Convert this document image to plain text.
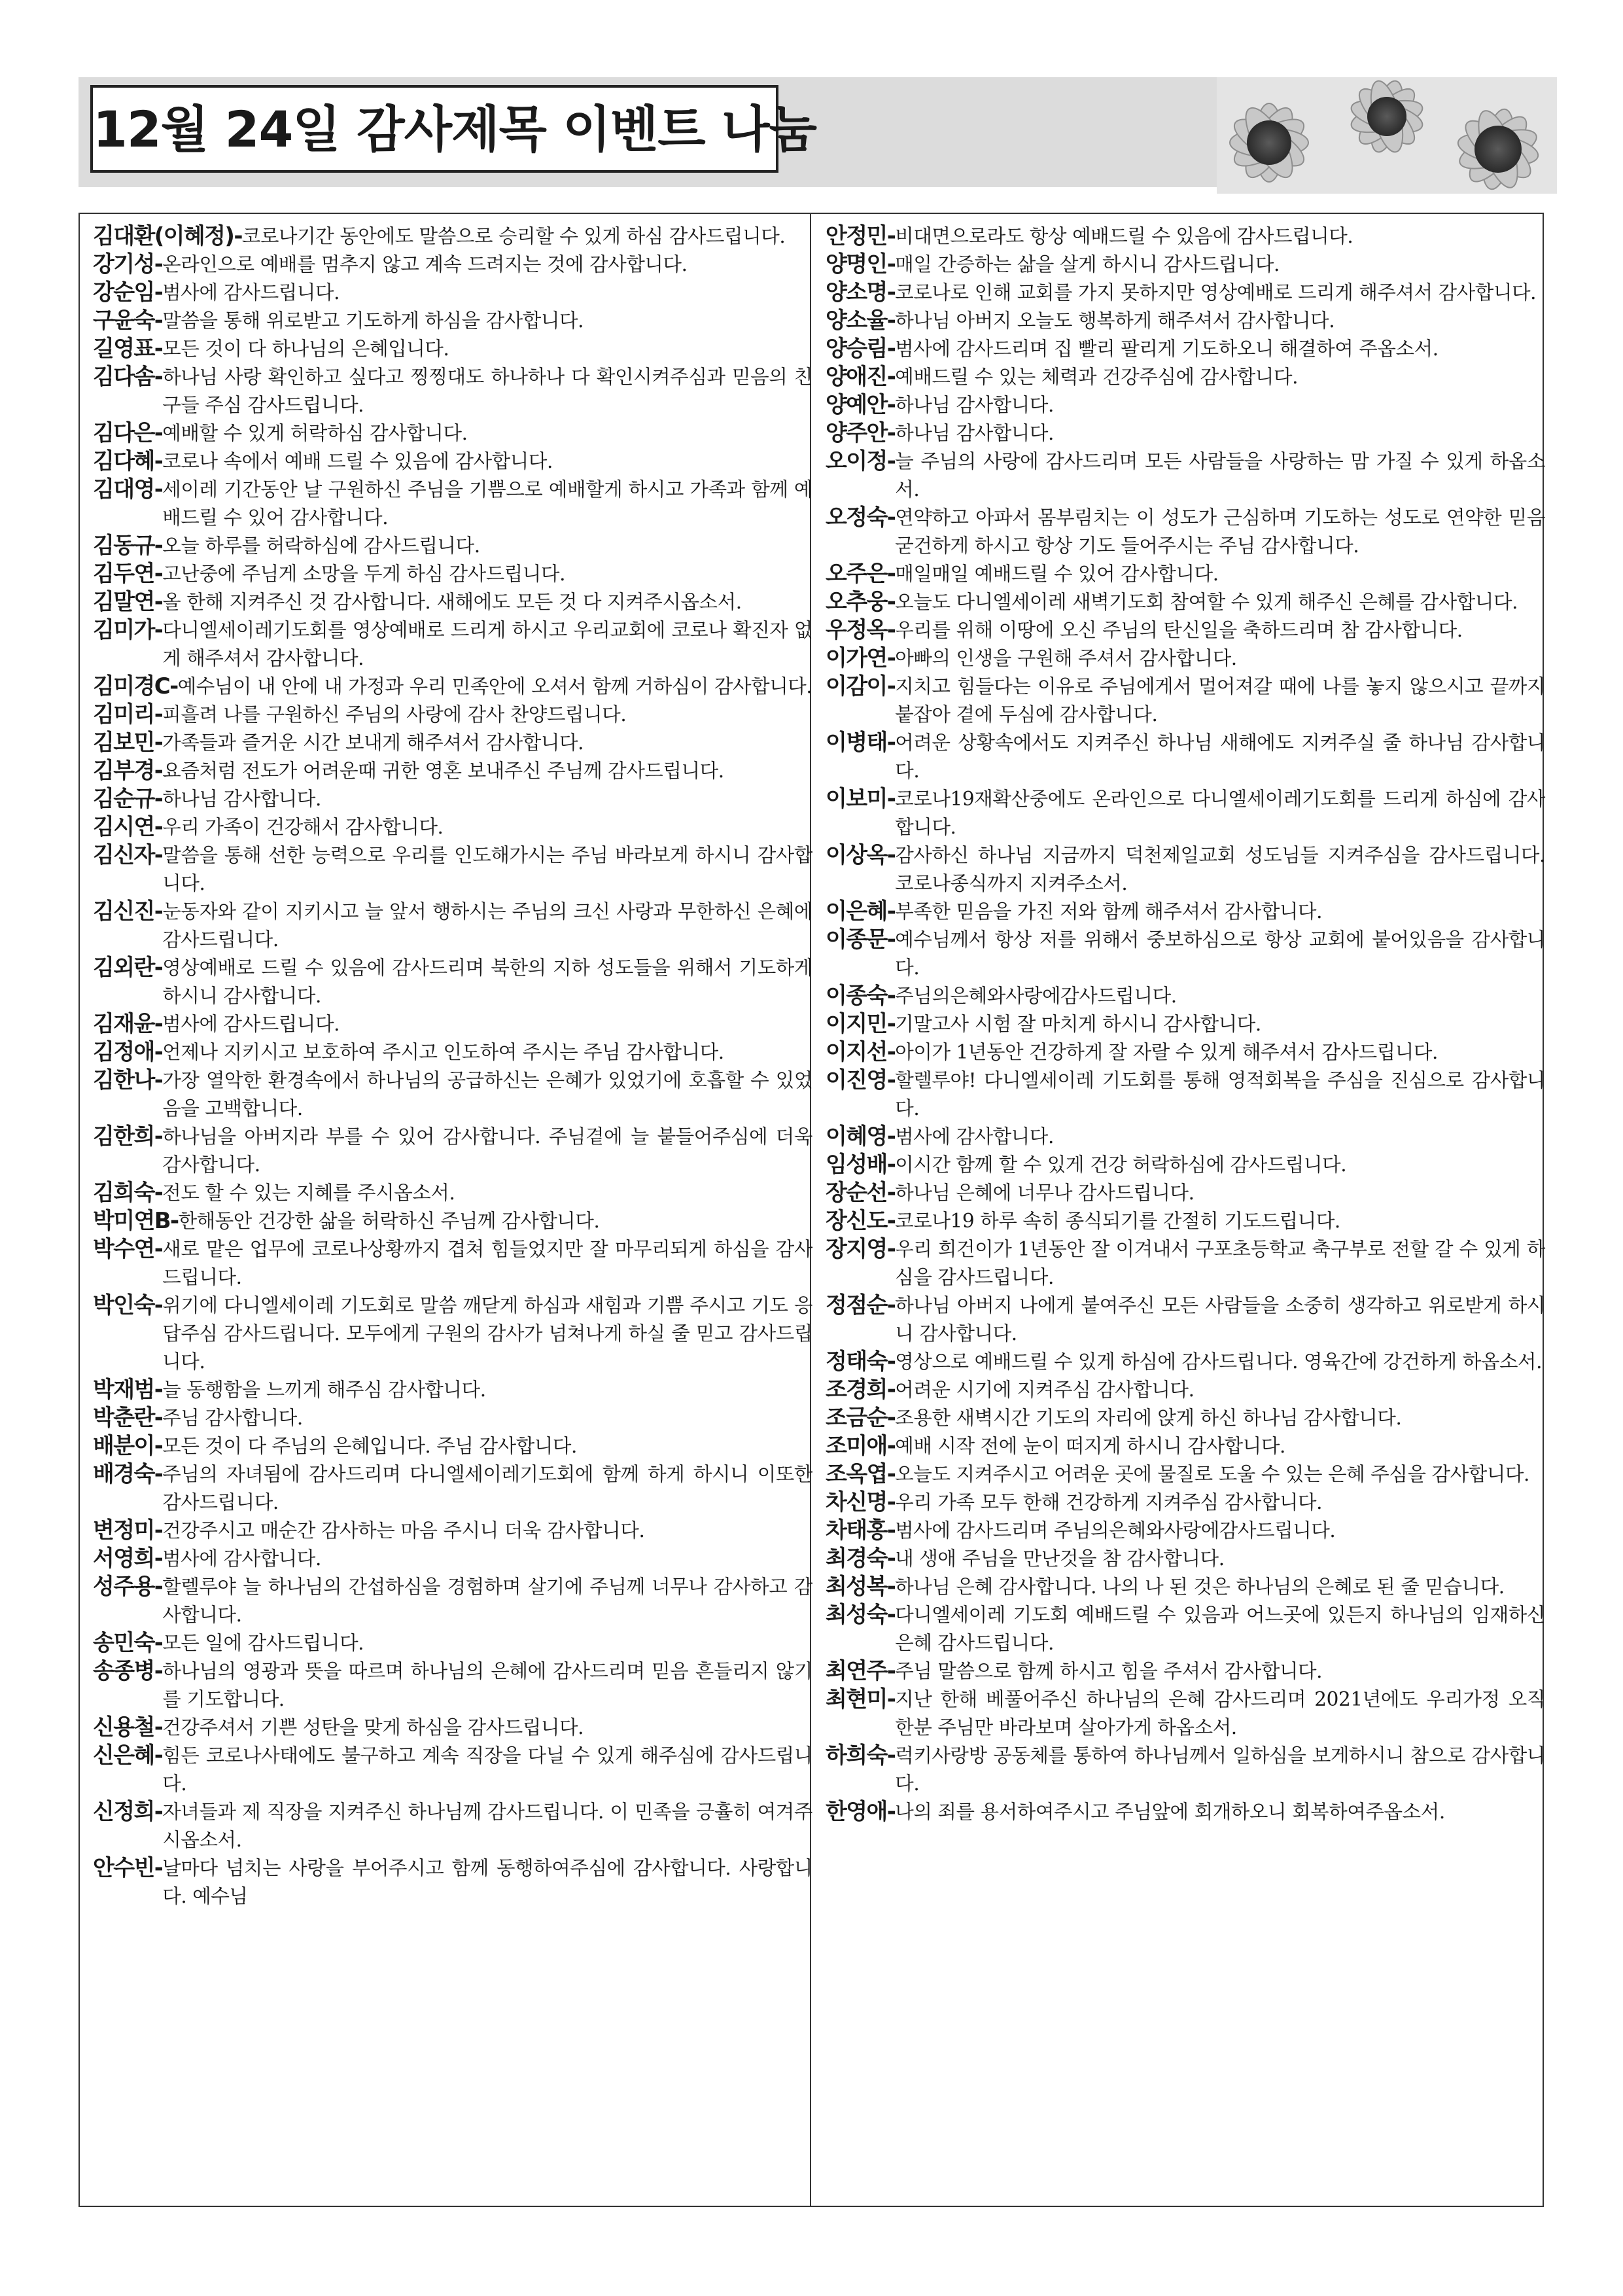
12월 24일 감사제목 이벤트 나눔
김대환(이혜정) - 코로나기간 동안에도 말씀으로 승리할 수 있게 하심 감사드립니다.
강기성 - 온라인으로 예배를 멈추지 않고 계속 드려지는 것에 감사합니다.
강순임 - 범사에 감사드립니다.
구윤숙 - 말씀을 통해 위로받고 기도하게 하심을 감사합니다.
길영표 - 모든 것이 다 하나님의 은혜입니다.
김다솜 - 하나님 사랑 확인하고 싶다고 찡찡대도 하나하나 다 확인시켜주심과 믿음의 친구들 주심 감사드립니다.
김다은 - 예배할 수 있게 허락하심 감사합니다.
김다혜 - 코로나 속에서 예배 드릴 수 있음에 감사합니다.
김대영 - 세이레 기간동안 날 구원하신 주님을 기쁨으로 예배할게 하시고 가족과 함께 예배드릴 수 있어 감사합니다.
김동규 - 오늘 하루를 허락하심에 감사드립니다.
김두연 - 고난중에 주님게 소망을 두게 하심 감사드립니다.
김말연 - 올 한해 지켜주신 것 감사합니다. 새해에도 모든 것 다 지켜주시옵소서.
김미가 - 다니엘세이레기도회를 영상예배로 드리게 하시고 우리교회에 코로나 확진자 없게 해주셔서 감사합니다.
김미경C - 예수님이 내 안에 내 가정과 우리 민족안에 오셔서 함께 거하심이 감사합니다.
김미리 - 피흘려 나를 구원하신 주님의 사랑에 감사 찬양드립니다.
김보민 - 가족들과 즐거운 시간 보내게 해주셔서 감사합니다.
김부경 - 요즘처럼 전도가 어려운때 귀한 영혼 보내주신 주님께 감사드립니다.
김순규 - 하나님 감사합니다.
김시연 - 우리 가족이 건강해서 감사합니다.
김신자 - 말씀을 통해 선한 능력으로 우리를 인도해가시는 주님 바라보게 하시니 감사합니다.
김신진 - 눈동자와 같이 지키시고 늘 앞서 행하시는 주님의 크신 사랑과 무한하신 은혜에 감사드립니다.
김외란 - 영상예배로 드릴 수 있음에 감사드리며 북한의 지하 성도들을 위해서 기도하게 하시니 감사합니다.
김재윤 - 범사에 감사드립니다.
김정애 - 언제나 지키시고 보호하여 주시고 인도하여 주시는 주님 감사합니다.
김한나 - 가장 열악한 환경속에서 하나님의 공급하신는 은혜가 있었기에 호흡할 수 있었음을 고백합니다.
김한희 - 하나님을 아버지라 부를 수 있어 감사합니다. 주님곁에 늘 붙들어주심에 더욱 감사합니다.
김희숙 - 전도 할 수 있는 지혜를 주시옵소서.
박미연B - 한해동안 건강한 삶을 허락하신 주님께 감사합니다.
박수연 - 새로 맡은 업무에 코로나상황까지 겹쳐 힘들었지만 잘 마무리되게 하심을 감사드립니다.
박인숙 - 위기에 다니엘세이레 기도회로 말씀 깨닫게 하심과 새힘과 기쁨 주시고 기도 응답주심 감사드립니다. 모두에게 구원의 감사가 넘쳐나게 하실 줄 믿고 감사드립니다.
박재범 - 늘 동행함을 느끼게 해주심 감사합니다.
박춘란 - 주님 감사합니다.
배분이 - 모든 것이 다 주님의 은혜입니다. 주님 감사합니다.
배경숙 - 주님의 자녀됨에 감사드리며 다니엘세이레기도회에 함께 하게 하시니 이또한 감사드립니다.
변정미 - 건강주시고 매순간 감사하는 마음 주시니 더욱 감사합니다.
서영희 - 범사에 감사합니다.
성주용 - 할렐루야 늘 하나님의 간섭하심을 경험하며 살기에 주님께 너무나 감사하고 감사합니다.
송민숙 - 모든 일에 감사드립니다.
송종병 - 하나님의 영광과 뜻을 따르며 하나님의 은혜에 감사드리며 믿음 흔들리지 않기를 기도합니다.
신용철 - 건강주셔서 기쁜 성탄을 맞게 하심을 감사드립니다.
신은혜 - 힘든 코로나사태에도 불구하고 계속 직장을 다닐 수 있게 해주심에 감사드립니다.
신정희 - 자녀들과 제 직장을 지켜주신 하나님께 감사드립니다. 이 민족을 긍휼히 여겨주시옵소서.
안수빈 - 날마다 넘치는 사랑을 부어주시고 함께 동행하여주심에 감사합니다. 사랑합니다. 예수님
안정민 - 비대면으로라도 항상 예배드릴 수 있음에 감사드립니다.
양명인 - 매일 간증하는 삶을 살게 하시니 감사드립니다.
양소명 - 코로나로 인해 교회를 가지 못하지만 영상예배로 드리게 해주셔서 감사합니다.
양소율 - 하나님 아버지 오늘도 행복하게 해주셔서 감사합니다.
양승림 - 범사에 감사드리며 집 빨리 팔리게 기도하오니 해결하여 주옵소서.
양애진 - 예배드릴 수 있는 체력과 건강주심에 감사합니다.
양예안 - 하나님 감사합니다.
양주안 - 하나님 감사합니다.
오이정 - 늘 주님의 사랑에 감사드리며 모든 사람들을 사랑하는 맘 가질 수 있게 하옵소서.
오정숙 - 연약하고 아파서 몸부림치는 이 성도가 근심하며 기도하는 성도로 연약한 믿음 굳건하게 하시고 항상 기도 들어주시는 주님 감사합니다.
오주은 - 매일매일 예배드릴 수 있어 감사합니다.
오추웅 - 오늘도 다니엘세이레 새벽기도회 참여할 수 있게 해주신 은혜를 감사합니다.
우정옥 - 우리를 위해 이땅에 오신 주님의 탄신일을 축하드리며 참 감사합니다.
이가연 - 아빠의 인생을 구원해 주셔서 감사합니다.
이감이 - 지치고 힘들다는 이유로 주님에게서 멀어져갈 때에 나를 놓지 않으시고 끝까지 붙잡아 곁에 두심에 감사합니다.
이병태 - 어려운 상황속에서도 지켜주신 하나님 새해에도 지켜주실 줄 하나님 감사합니다.
이보미 - 코로나19재확산중에도 온라인으로 다니엘세이레기도회를 드리게 하심에 감사합니다.
이상옥 - 감사하신 하나님 지금까지 덕천제일교회 성도님들 지켜주심을 감사드립니다. 코로나종식까지 지켜주소서.
이은혜 - 부족한 믿음을 가진 저와 함께 해주셔서 감사합니다.
이종문 - 예수님께서 항상 저를 위해서 중보하심으로 항상 교회에 붙어있음을 감사합니다.
이종숙 - 주님의은혜와사랑에감사드립니다.
이지민 - 기말고사 시험 잘 마치게 하시니 감사합니다.
이지선 - 아이가 1년동안 건강하게 잘 자랄 수 있게 해주셔서 감사드립니다.
이진영 - 할렐루야! 다니엘세이레 기도회를 통해 영적회복을 주심을 진심으로 감사합니다.
이혜영 - 범사에 감사합니다.
임성배 - 이시간 함께 할 수 있게 건강 허락하심에 감사드립니다.
장순선 - 하나님 은혜에 너무나 감사드립니다.
장신도 - 코로나19 하루 속히 종식되기를 간절히 기도드립니다.
장지영 - 우리 희건이가 1년동안 잘 이겨내서 구포초등학교 축구부로 전할 갈 수 있게 하심을 감사드립니다.
정점순 - 하나님 아버지 나에게 붙여주신 모든 사람들을 소중히 생각하고 위로받게 하시니 감사합니다.
정태숙 - 영상으로 예배드릴 수 있게 하심에 감사드립니다. 영육간에 강건하게 하옵소서.
조경희 - 어려운 시기에 지켜주심 감사합니다.
조금순 - 조용한 새벽시간 기도의 자리에 앉게 하신 하나님 감사합니다.
조미애 - 예배 시작 전에 눈이 떠지게 하시니 감사합니다.
조옥엽 - 오늘도 지켜주시고 어려운 곳에 물질로 도울 수 있는 은혜 주심을 감사합니다.
차신명 - 우리 가족 모두 한해 건강하게 지켜주심 감사합니다.
차태홍 - 범사에 감사드리며 주님의은혜와사랑에감사드립니다.
최경숙 - 내 생애 주님을 만난것을 참 감사합니다.
최성복 - 하나님 은혜 감사합니다. 나의 나 된 것은 하나님의 은혜로 된 줄 믿습니다.
최성숙 - 다니엘세이레 기도회 예배드릴 수 있음과 어느곳에 있든지 하나님의 임재하신 은혜 감사드립니다.
최연주 - 주님 말씀으로 함께 하시고 힘을 주셔서 감사합니다.
최현미 - 지난 한해 베풀어주신 하나님의 은혜 감사드리며 2021년에도 우리가정 오직 한분 주님만 바라보며 살아가게 하옵소서.
하희숙 - 럭키사랑방 공동체를 통하여 하나님께서 일하심을 보게하시니 참으로 감사합니다.
한영애 - 나의 죄를 용서하여주시고 주님앞에 회개하오니 회복하여주옵소서.
